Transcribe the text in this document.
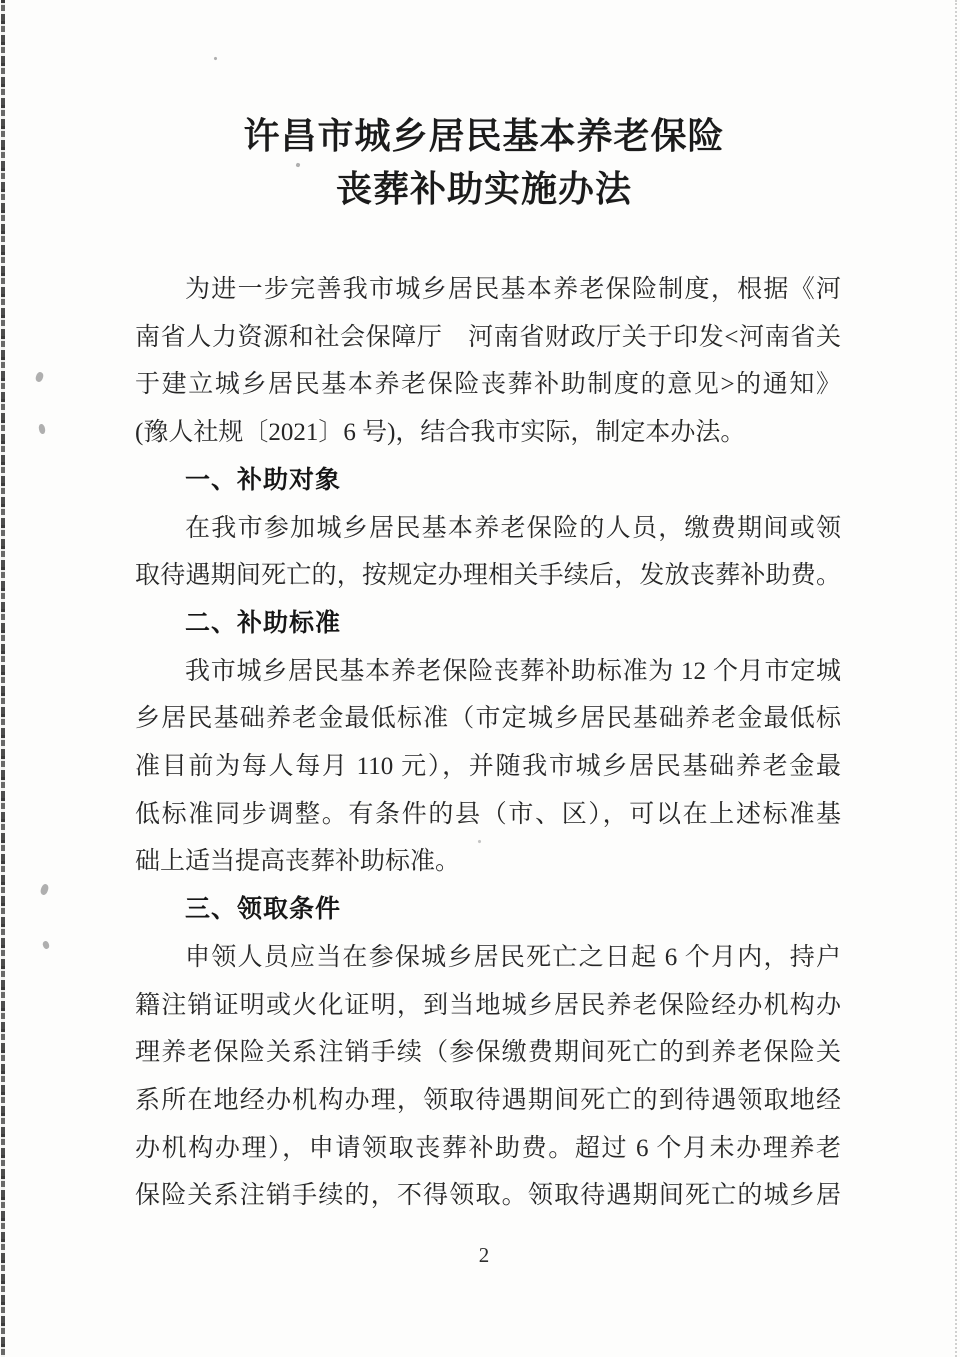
许昌市城乡居民基本养老保险
丧葬补助实施办法
为进一步完善我市城乡居民基本养老保险制度，根据《河
南省人力资源和社会保障厅　河南省财政厅关于印发<河南省关
于建立城乡居民基本养老保险丧葬补助制度的意见>的通知》
(豫人社规〔2021〕6 号)，结合我市实际，制定本办法。
一、补助对象
在我市参加城乡居民基本养老保险的人员，缴费期间或领
取待遇期间死亡的，按规定办理相关手续后，发放丧葬补助费。
二、补助标准
我市城乡居民基本养老保险丧葬补助标准为 12 个月市定城
乡居民基础养老金最低标准（市定城乡居民基础养老金最低标
准目前为每人每月 110 元），并随我市城乡居民基础养老金最
低标准同步调整。有条件的县（市、区），可以在上述标准基
础上适当提高丧葬补助标准。
三、领取条件
申领人员应当在参保城乡居民死亡之日起 6 个月内，持户
籍注销证明或火化证明，到当地城乡居民养老保险经办机构办
理养老保险关系注销手续（参保缴费期间死亡的到养老保险关
系所在地经办机构办理，领取待遇期间死亡的到待遇领取地经
办机构办理），申请领取丧葬补助费。超过 6 个月未办理养老
保险关系注销手续的，不得领取。领取待遇期间死亡的城乡居
2
